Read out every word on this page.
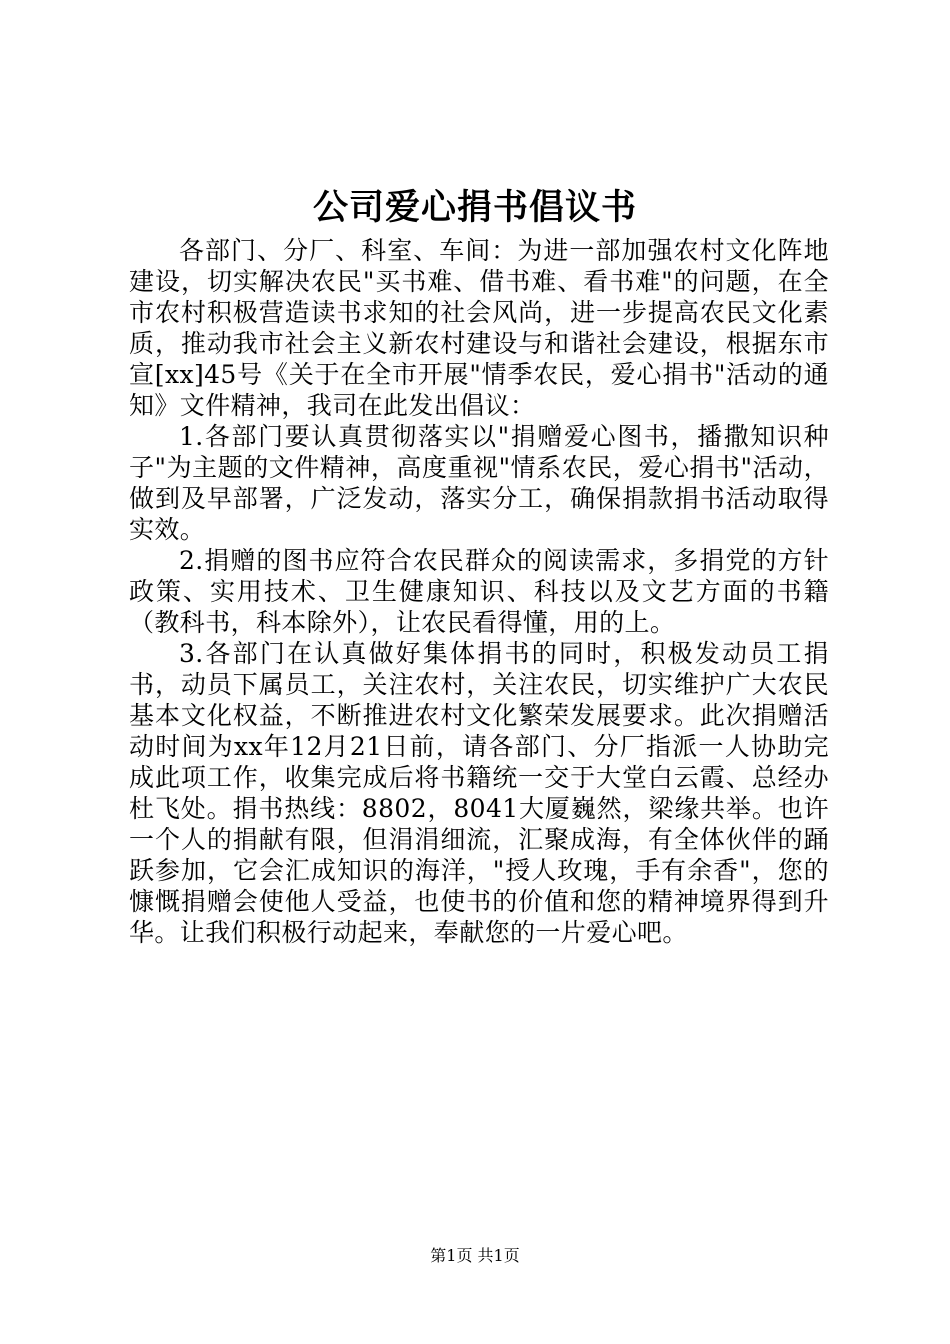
公司爱心捐书倡议书

各部门、分厂、科室、车间：为进一部加强农村文化阵地建设，切实解决农民"买书难、借书难、看书难"的问题，在全市农村积极营造读书求知的社会风尚，进一步提高农民文化素质，推动我市社会主义新农村建设与和谐社会建设，根据东市宣[xx]45号《关于在全市开展"情季农民，爱心捐书"活动的通知》文件精神，我司在此发出倡议：

1.各部门要认真贯彻落实以"捐赠爱心图书，播撒知识种子"为主题的文件精神，高度重视"情系农民，爱心捐书"活动，做到及早部署，广泛发动，落实分工，确保捐款捐书活动取得实效。

2.捐赠的图书应符合农民群众的阅读需求，多捐党的方针政策、实用技术、卫生健康知识、科技以及文艺方面的书籍（教科书，科本除外），让农民看得懂，用的上。

3.各部门在认真做好集体捐书的同时，积极发动员工捐书，动员下属员工，关注农村，关注农民，切实维护广大农民基本文化权益，不断推进农村文化繁荣发展要求。此次捐赠活动时间为xx年12月21日前，请各部门、分厂指派一人协助完成此项工作，收集完成后将书籍统一交于大堂白云霞、总经办杜飞处。捐书热线：8802，8041大厦巍然，梁缘共举。也许一个人的捐献有限，但涓涓细流，汇聚成海，有全体伙伴的踊跃参加，它会汇成知识的海洋，"授人玫瑰，手有余香"，您的慷慨捐赠会使他人受益，也使书的价值和您的精神境界得到升华。让我们积极行动起来，奉献您的一片爱心吧。

第1页 共1页
